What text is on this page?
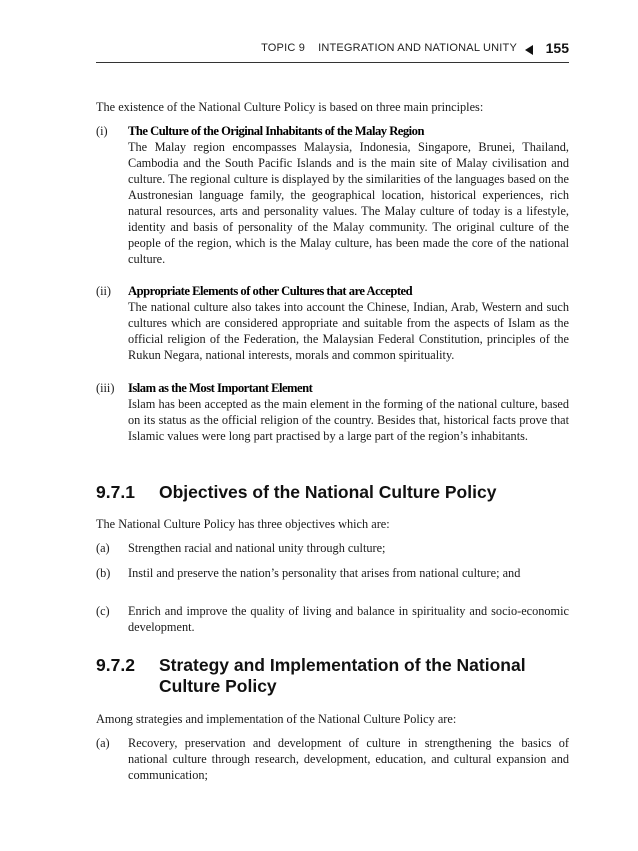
TOPIC 9    INTEGRATION AND NATIONAL UNITY 155
The existence of the National Culture Policy is based on three main principles:
(i) The Culture of the Original Inhabitants of the Malay Region
The Malay region encompasses Malaysia, Indonesia, Singapore, Brunei, Thailand, Cambodia and the South Pacific Islands and is the main site of Malay civilisation and culture. The regional culture is displayed by the similarities of the languages based on the Austronesian language family, the geographical location, historical experiences, rich natural resources, arts and personality values. The Malay culture of today is a lifestyle, identity and basis of personality of the Malay community. The original culture of the people of the region, which is the Malay culture, has been made the core of the national culture.
(ii) Appropriate Elements of other Cultures that are Accepted
The national culture also takes into account the Chinese, Indian, Arab, Western and such cultures which are considered appropriate and suitable from the aspects of Islam as the official religion of the Federation, the Malaysian Federal Constitution, principles of the Rukun Negara, national interests, morals and common spirituality.
(iii) Islam as the Most Important Element
Islam has been accepted as the main element in the forming of the national culture, based on its status as the official religion of the country. Besides that, historical facts prove that Islamic values were long part practised by a large part of the region’s inhabitants.
9.7.1 Objectives of the National Culture Policy
The National Culture Policy has three objectives which are:
(a) Strengthen racial and national unity through culture;
(b) Instil and preserve the nation’s personality that arises from national culture; and
(c) Enrich and improve the quality of living and balance in spirituality and socio-economic development.
9.7.2 Strategy and Implementation of the National Culture Policy
Among strategies and implementation of the National Culture Policy are:
(a) Recovery, preservation and development of culture in strengthening the basics of national culture through research, development, education, and cultural expansion and communication;
